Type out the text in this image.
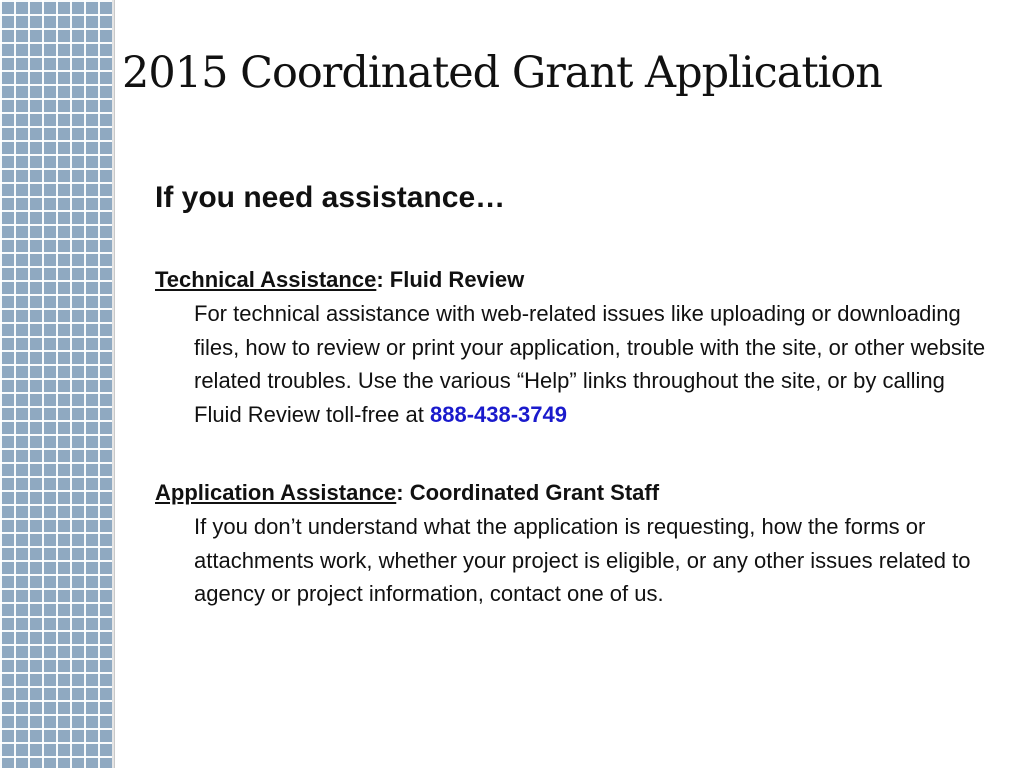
2015 Coordinated Grant Application
If you need assistance…

Technical Assistance: Fluid Review

For technical assistance with web-related issues like uploading or downloading files, how to review or print your application, trouble with the site, or other website related troubles. Use the various “Help” links throughout the site, or by calling Fluid Review toll-free at 888-438-3749

Application Assistance: Coordinated Grant Staff

If you don’t understand what the application is requesting, how the forms or attachments work, whether your project is eligible, or any other issues related to agency or project information, contact one of us.
